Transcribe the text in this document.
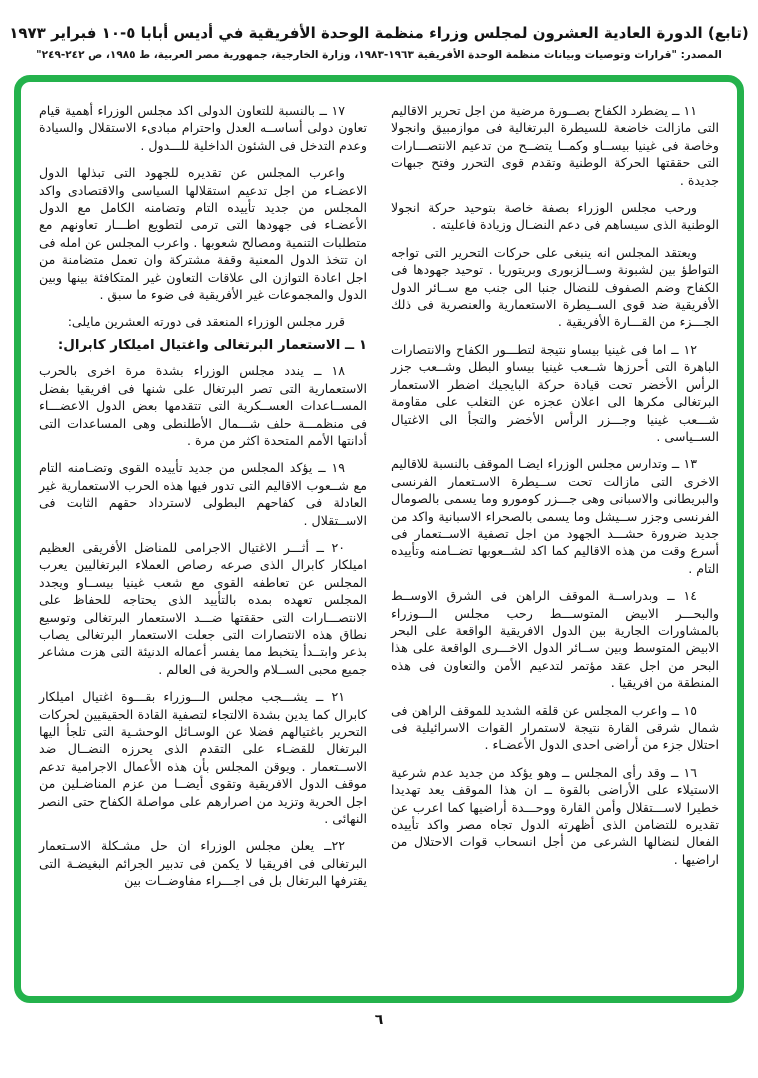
(تابع) الدورة العادية العشرون لمجلس وزراء منظمة الوحدة الأفريقية في أديس أبابا ٥-١٠ فبراير ١٩٧٣
المصدر: "قرارات وتوصيات وبيانات منظمة الوحدة الأفريقية ١٩٦٣-١٩٨٣، وزارة الخارجية، جمهورية مصر العربية، ط ١٩٨٥، ص ٢٤٢-٢٤٩"

١١ ــ يضطرد الكفاح بصــورة مرضية من اجل تحرير الاقاليم التى مازالت خاضعة للسيطرة البرتغالية فى موازمبيق وانجولا وخاصة فى غينيا بيســاو وكمــا يتضــح من تدعيم الانتصـــارات التى حققتها الحركة الوطنية وتقدم قوى التحرر وفتح جبهات جديدة .

ورحب مجلس الوزراء بصفة خاصة بتوحيد حركة انجولا الوطنية الذى سيساهم فى دعم النضـال وزيادة فاعليته .

ويعتقد المجلس انه ينبغى على حركات التحرير التى تواجه التواطؤ بين لشبونة وســالزبورى وبريتوريا . توحيد جهودها فى الكفاح وضم الصفوف للنضال جنبا الى جنب مع ســائر الدول الأفريقية ضد قوى الســيطرة الاستعمارية والعنصرية فى ذلك الجـــزء من القـــارة الأفريقية .

١٢ ــ اما فى غينيا بيساو نتيجة لتطـــور الكفاح والانتصارات الباهرة التى أحرزها شــعب غينيا بيساو البطل وشــعب جزر الرأس الأخضر تحت قيادة حركة البايجيك اضطر الاستعمار البرتغالى مكرها الى اعلان عجزه عن التغلب على مقاومة شـــعب غينيا وجـــزر الرأس الأخضر والتجأ الى الاغتيال الســياسى .

١٣ ــ وتدارس مجلس الوزراء ايضـا الموقف بالنسبة للاقاليم الاخرى التى مازالت تحت ســيطرة الاسـتعمار الفرنسى والبريطانى والاسبانى وهى جـــزر كومورو وما يسمى بالصومال الفرنسى وجزر ســيشل وما يسمى بالصحراء الاسبانية واكد من جديد ضرورة حشـــد الجهود من اجل تصفية الاســتعمار فى أسرع وقت من هذه الاقاليم كما اكد لشــعوبها تضــامنه وتأييده التام .

١٤ ــ وبدراســة الموقف الراهن فى الشرق الاوســط والبحـــر الابيض المتوســـط رحب مجلس الـــوزراء بالمشاورات الجارية بين الدول الافريقية الواقعة على البحر الابيض المتوسط وبين ســائر الدول الاخـــرى الواقعة على هذا البحر من اجل عقد مؤتمر لتدعيم الأمن والتعاون فى هذه المنطقة من افريقيا .

١٥ ــ واعرب المجلس عن قلقه الشديد للموقف الراهن فى شمال شرقى القارة نتيجة لاستمرار القوات الاسرائيلية فى احتلال جزء من أراضى احدى الدول الأعضـاء .

١٦ ــ وقد رأى المجلس ــ وهو يؤكد من جديد عدم شرعية الاستيلاء على الأراضى بالقوة ــ ان هذا الموقف يعد تهديدا خطيرا لاســـتقلال وأمن القارة ووحـــدة أراضيها كما اعرب عن تقديره للتضامن الذى أظهرته الدول تجاه مصر واكد تأييده الفعال لنضالها الشرعى من أجل انسحاب قوات الاحتلال من اراضيها .

١٧ ــ بالنسبة للتعاون الدولى اكد مجلس الوزراء أهمية قيام تعاون دولى أساســه العدل واحترام مبادىء الاستقلال والسيادة وعدم التدخل فى الشئون الداخلية للـــدول .

واعرب المجلس عن تقديره للجهود التى تبذلها الدول الاعضـاء من اجل تدعيم استقلالها السياسى والاقتصادى واكد المجلس من جديد تأييده التام وتضامنه الكامل مع الدول الأعضـاء فى جهودها التى ترمى لتطويع اطـــار تعاونهم مع متطلبات التنمية ومصالح شعوبها . واعرب المجلس عن امله فى ان تتخذ الدول المعنية وقفة مشتركة وان تعمل متضامنة من اجل اعادة التوازن الى علاقات التعاون غير المتكافئة بينها وبين الدول والمجموعات غير الأفريقية فى ضوء ما سبق .

قرر مجلس الوزراء المنعقد فى دورته العشرين مايلى:

١ ــ الاستعمار البرتغالى واغتيال اميلكار كابرال:

١٨ ــ يندد مجلس الوزراء بشدة مرة اخرى بالحرب الاستعمارية التى تصر البرتغال على شنها فى افريقيا بفضل المســاعدات العســكرية التى تتقدمها بعض الدول الاعضـــاء فى منظمـــة حلف شـــمال الأطلنطى وهى المساعدات التى أدانتها الأمم المتحدة اكثر من مرة .

١٩ ــ يؤكد المجلس من جديد تأييده القوى وتضـامنه التام مع شــعوب الاقاليم التى تدور فيها هذه الحرب الاستعمارية غير العادلة فى كفاحهم البطولى لاسترداد حقهم الثابت فى الاســتقلال .

٢٠ ــ أثـــر الاغتيال الاجرامى للمناضل الأفريقى العظيم اميلكار كابرال الذى صرعه رصاص العملاء البرتغاليين يعرب المجلس عن تعاطفه القوى مع شعب غينيا بيســاو ويجدد المجلس تعهده بمده بالتأييد الذى يحتاجه للحفاظ على الانتصـــارات التى حققتها ضـــد الاستعمار البرتغالى وتوسيع نطاق هذه الانتصارات التى جعلت الاستعمار البرتغالى يصاب بذعر وابتــدأ يتخبط مما يفسر أعماله الدنيئة التى هزت مشاعر جميع محبى الســلام والحرية فى العالم .

٢١ ــ يشـــجب مجلس الـــوزراء بقـــوة اغتيال اميلكار كابرال كما يدين بشدة الالتجاء لتصفية القادة الحقيقيين لحركات التحرير باغتيالهم فضلا عن الوسـائل الوحشـية التى تلجأ اليها البرتغال للقضـاء على التقدم الذى يحرزه النضــال ضد الاســتعمار . ويوقن المجلس بأن هذه الأعمال الاجرامية تدعم موقف الدول الافريقية وتقوى أيضــا من عزم المناضـلين من اجل الحرية وتزيد من اصرارهم على مواصلة الكفاح حتى النصر النهائى .

٢٢ــ يعلن مجلس الوزراء ان حل مشـكلة الاسـتعمار البرتغالى فى افريقيا لا يكمن فى تدبير الجرائم البغيضـة التى يقترفها البرتغال بل فى اجـــراء مفاوضــات بين

٦
